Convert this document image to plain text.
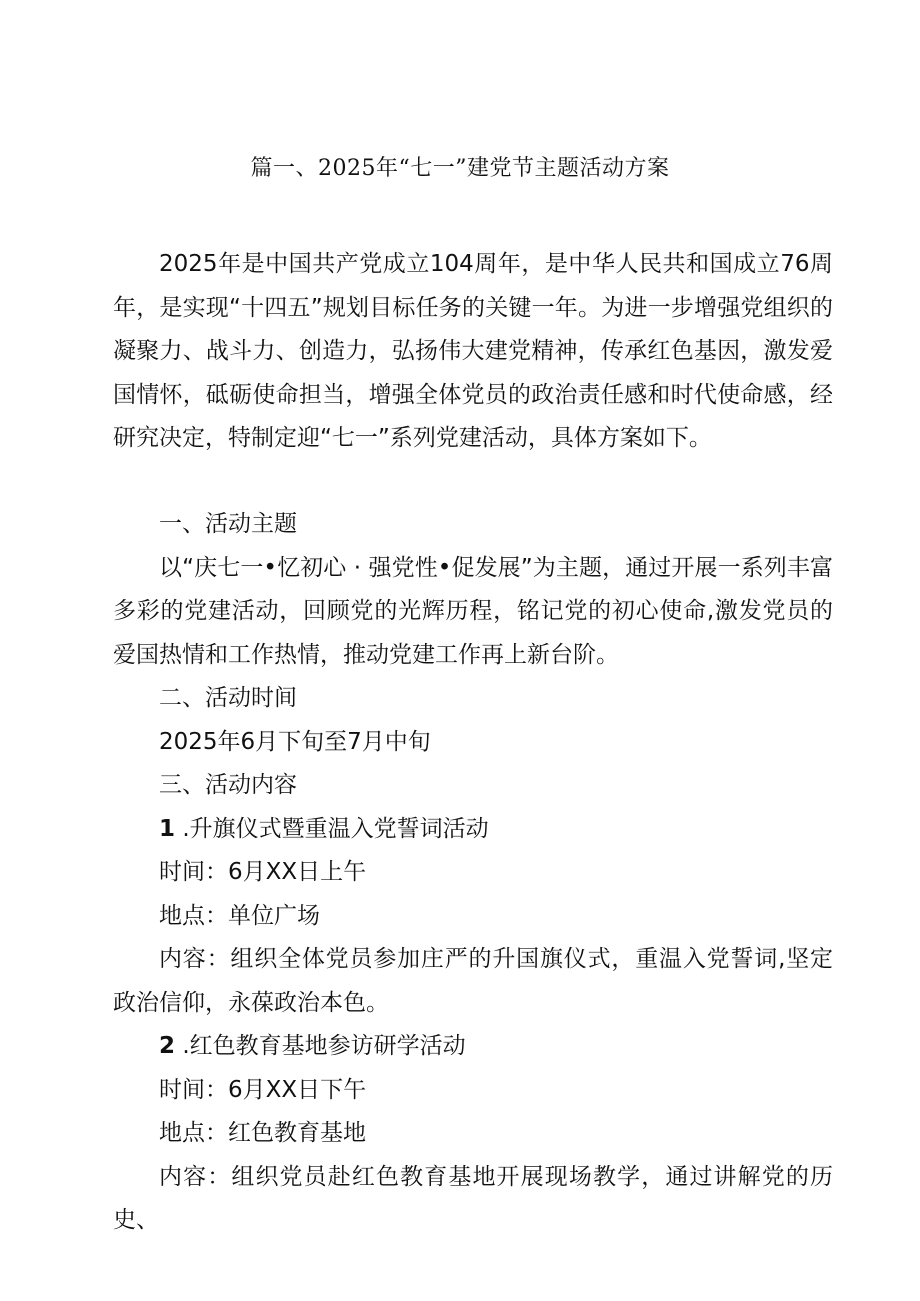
篇一、2025年“七一”建党节主题活动方案

2025年是中国共产党成立104周年，是中华人民共和国成立76周年，是实现“十四五”规划目标任务的关键一年。为进一步增强党组织的凝聚力、战斗力、创造力，弘扬伟大建党精神，传承红色基因，激发爱国情怀，砥砺使命担当，增强全体党员的政治责任感和时代使命感，经研究决定，特制定迎“七一”系列党建活动，具体方案如下。

一、活动主题

以“庆七一•忆初心 · 强党性•促发展”为主题，通过开展一系列丰富多彩的党建活动，回顾党的光辉历程，铭记党的初心使命,激发党员的爱国热情和工作热情，推动党建工作再上新台阶。

二、活动时间

2025年6月下旬至7月中旬

三、活动内容

1 .升旗仪式暨重温入党誓词活动

时间：6月XX日上午

地点：单位广场

内容：组织全体党员参加庄严的升国旗仪式，重温入党誓词,坚定政治信仰，永葆政治本色。

2 .红色教育基地参访研学活动

时间：6月XX日下午

地点：红色教育基地

内容：组织党员赴红色教育基地开展现场教学，通过讲解党的历史、
